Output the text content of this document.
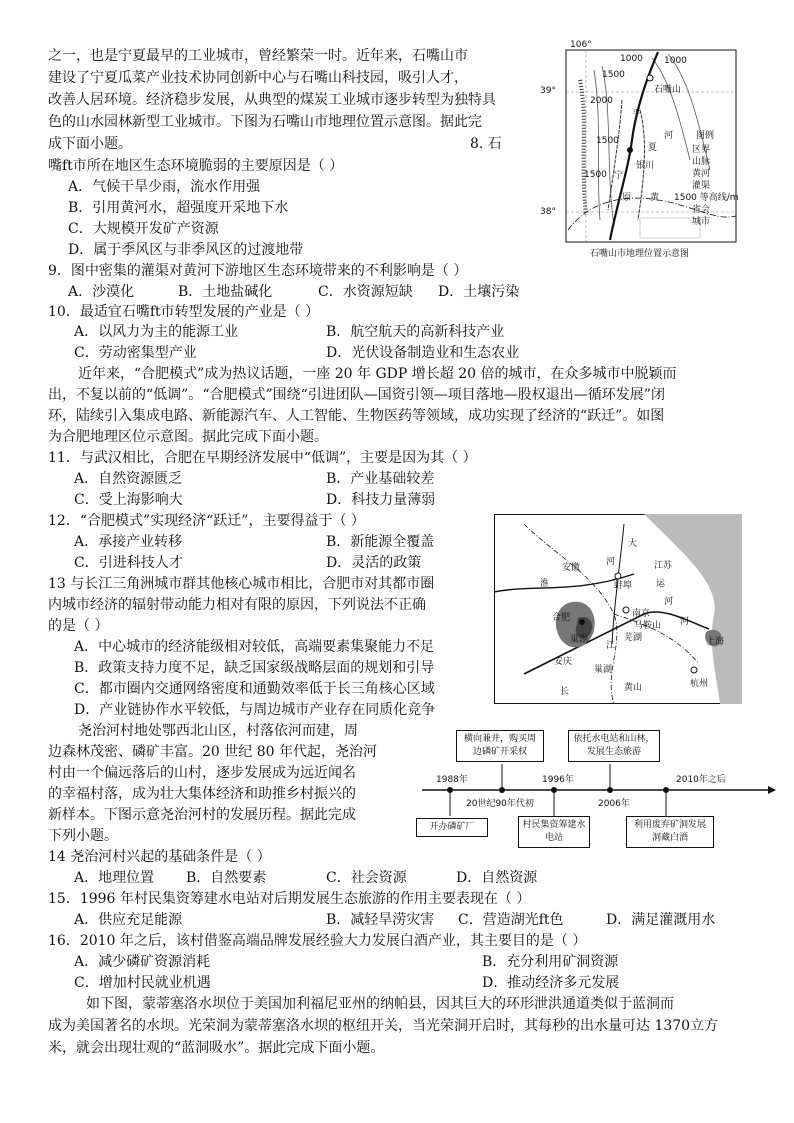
之一，也是宁夏最早的工业城市，曾经繁荣一时。近年来，石嘴山市
建设了宁夏瓜菜产业技术协同创新中心与石嘴山科技园，吸引人才，
改善人居环境。经济稳步发展，从典型的煤炭工业城市逐步转型为独特具
色的山水园林新型工业城市。下图为石嘴山市地理位置示意图。据此完
成下面小题。	8. 石
嘴ft市所在地区生态环境脆弱的主要原因是（ ）
A．气候干旱少雨，流水作用强
B．引用黄河水，超强度开采地下水
C．大规模开发矿产资源
D．属于季风区与非季风区的过渡地带
9．图中密集的灌渠对黄河下游地区生态环境带来的不利影响是（ ）
A．沙漠化	B．土地盐碱化	C．水资源短缺 D．土壤污染
10．最适宜石嘴ft市转型发展的产业是（ ）
A．以风力为主的能源工业	B．航空航天的高新科技产业
C．劳动密集型产业	D．光伏设备制造业和生态农业
近年来，“合肥模式”成为热议话题，一座 20 年 GDP 增长超 20 倍的城市，在众多城市中脱颖而
出，不复以前的“低调”。“合肥模式”围绕“引进团队—国资引领—项目落地—股权退出—循环发展”闭
环，陆续引入集成电路、新能源汽车、人工智能、生物医药等领域，成功实现了经济的“跃迁”。如图
为合肥地理区位示意图。据此完成下面小题。
11．与武汉相比，合肥在早期经济发展中“低调”，主要是因为其（ ）
A．自然资源匮乏	B．产业基础较差
C．受上海影响大	D．科技力量薄弱
12．“合肥模式”实现经济“跃迁”，主要得益于（ ）
A．承接产业转移	B．新能源全覆盖
C．引进科技人才	D．灵活的政策
13 与长江三角洲城市群其他核心城市相比，合肥市对其都市圈
内城市经济的辐射带动能力相对有限的原因，下列说法不正确
的是（ ）
A．中心城市的经济能级相对较低，高端要素集聚能力不足
B．政策支持力度不足，缺乏国家级战略层面的规划和引导
C．都市圈内交通网络密度和通勤效率低于长三角核心区域
D．产业链协作水平较低，与周边城市产业存在同质化竞争
尧治河村地处鄂西北山区，村落依河而建，周
边森林茂密、磷矿丰富。20 世纪 80 年代起，尧治河
村由一个偏远落后的山村，逐步发展成为远近闻名
的幸福村落，成为壮大集体经济和助推乡村振兴的
新样本。下图示意尧治河村的发展历程。据此完成
下列小题。
14 尧治河村兴起的基础条件是（ ）
A．地理位置 B．自然要素	C．社会资源	D．自然资源
15．1996 年村民集资筹建水电站对后期发展生态旅游的作用主要表现在（ ）
A．供应充足能源	B．减轻旱涝灾害 C．营造湖光ft色	D．满足灌溉用水
16．2010 年之后，该村借鉴高端品牌发展经验大力发展白酒产业，其主要目的是（ ）
A．减少磷矿资源消耗	B．充分利用矿洞资源
C．增加村民就业机遇	D．推动经济多元发展
如下图，蒙蒂塞洛水坝位于美国加利福尼亚州的纳帕县，因其巨大的环形泄洪通道类似于蓝洞而
成为美国著名的水坝。光荣洞为蒙蒂塞洛水坝的枢纽开关，当光荣洞开启时，其每秒的出水量可达 1370立方
米，就会出现壮观的“蓝洞吸水”。据此完成下面小题。
106°
39°
38°
1000
1500
2000
1500
1500
1000
石嘴山
银川
黄
河
原
平
宁
夏
图例
区界
山脉
黄河
灌渠
1500 等高线/m
省会
城市
石嘴山市地理位置示意图
安徽
淮
河
大
江苏
运
河
蚌埠
合肥
巢湖
南京
马鞍山
芜湖
安庆
江
巢湖
上海
河
长	黄山	杭州
横向兼并，购买周边磷矿开采权
依托水电站和山林，发展生态旅游
1988年
20世纪90年代初
1996年
2006年
2010年之后
开办磷矿厂	村民集资筹建水电站
利用废弃矿洞发展洞藏白酒
